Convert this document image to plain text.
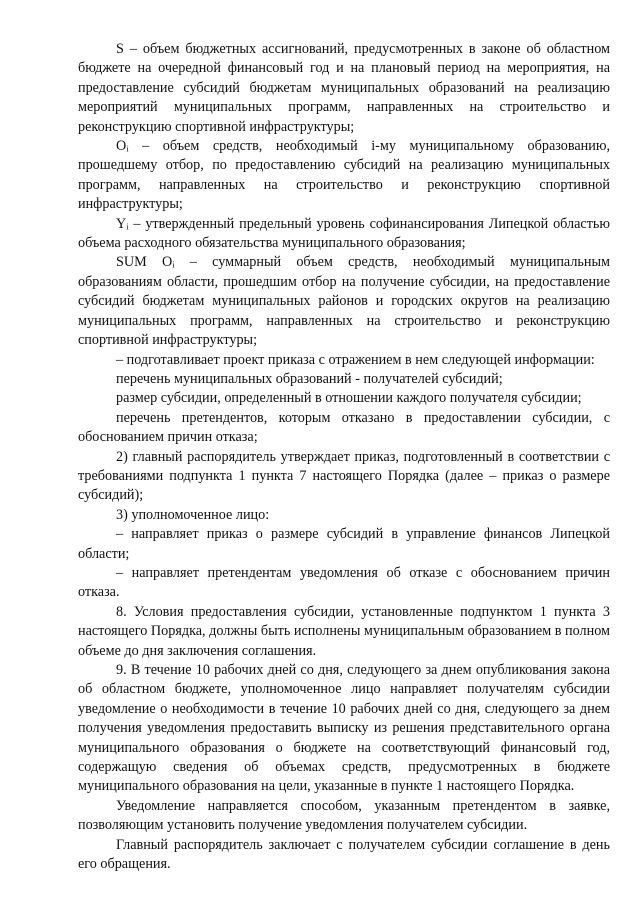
S – объем бюджетных ассигнований, предусмотренных в законе об областном бюджете на очередной финансовый год и на плановый период на мероприятия, на предоставление субсидий бюджетам муниципальных образований на реализацию мероприятий муниципальных программ, направленных на строительство и реконструкцию спортивной инфраструктуры;

Oᵢ – объем средств, необходимый i-му муниципальному образованию, прошедшему отбор, по предоставлению субсидий на реализацию муниципальных программ, направленных на строительство и реконструкцию спортивной инфраструктуры;

Yᵢ – утвержденный предельный уровень софинансирования Липецкой областью объема расходного обязательства муниципального образования;

SUM Oᵢ – суммарный объем средств, необходимый муниципальным образованиям области, прошедшим отбор на получение субсидии, на предоставление субсидий бюджетам муниципальных районов и городских округов на реализацию муниципальных программ, направленных на строительство и реконструкцию спортивной инфраструктуры;

– подготавливает проект приказа с отражением в нем следующей информации:

перечень муниципальных образований - получателей субсидий;

размер субсидии, определенный в отношении каждого получателя субсидии;

перечень претендентов, которым отказано в предоставлении субсидии, с обоснованием причин отказа;

2) главный распорядитель утверждает приказ, подготовленный в соответствии с требованиями подпункта 1 пункта 7 настоящего Порядка (далее – приказ о размере субсидий);

3) уполномоченное лицо:

– направляет приказ о размере субсидий в управление финансов Липецкой области;

– направляет претендентам уведомления об отказе с обоснованием причин отказа.

8. Условия предоставления субсидии, установленные подпунктом 1 пункта 3 настоящего Порядка, должны быть исполнены муниципальным образованием в полном объеме до дня заключения соглашения.

9. В течение 10 рабочих дней со дня, следующего за днем опубликования закона об областном бюджете, уполномоченное лицо направляет получателям субсидии уведомление о необходимости в течение 10 рабочих дней со дня, следующего за днем получения уведомления предоставить выписку из решения представительного органа муниципального образования о бюджете на соответствующий финансовый год, содержащую сведения об объемах средств, предусмотренных в бюджете муниципального образования на цели, указанные в пункте 1 настоящего Порядка.

Уведомление направляется способом, указанным претендентом в заявке, позволяющим установить получение уведомления получателем субсидии.

Главный распорядитель заключает с получателем субсидии соглашение в день его обращения.
